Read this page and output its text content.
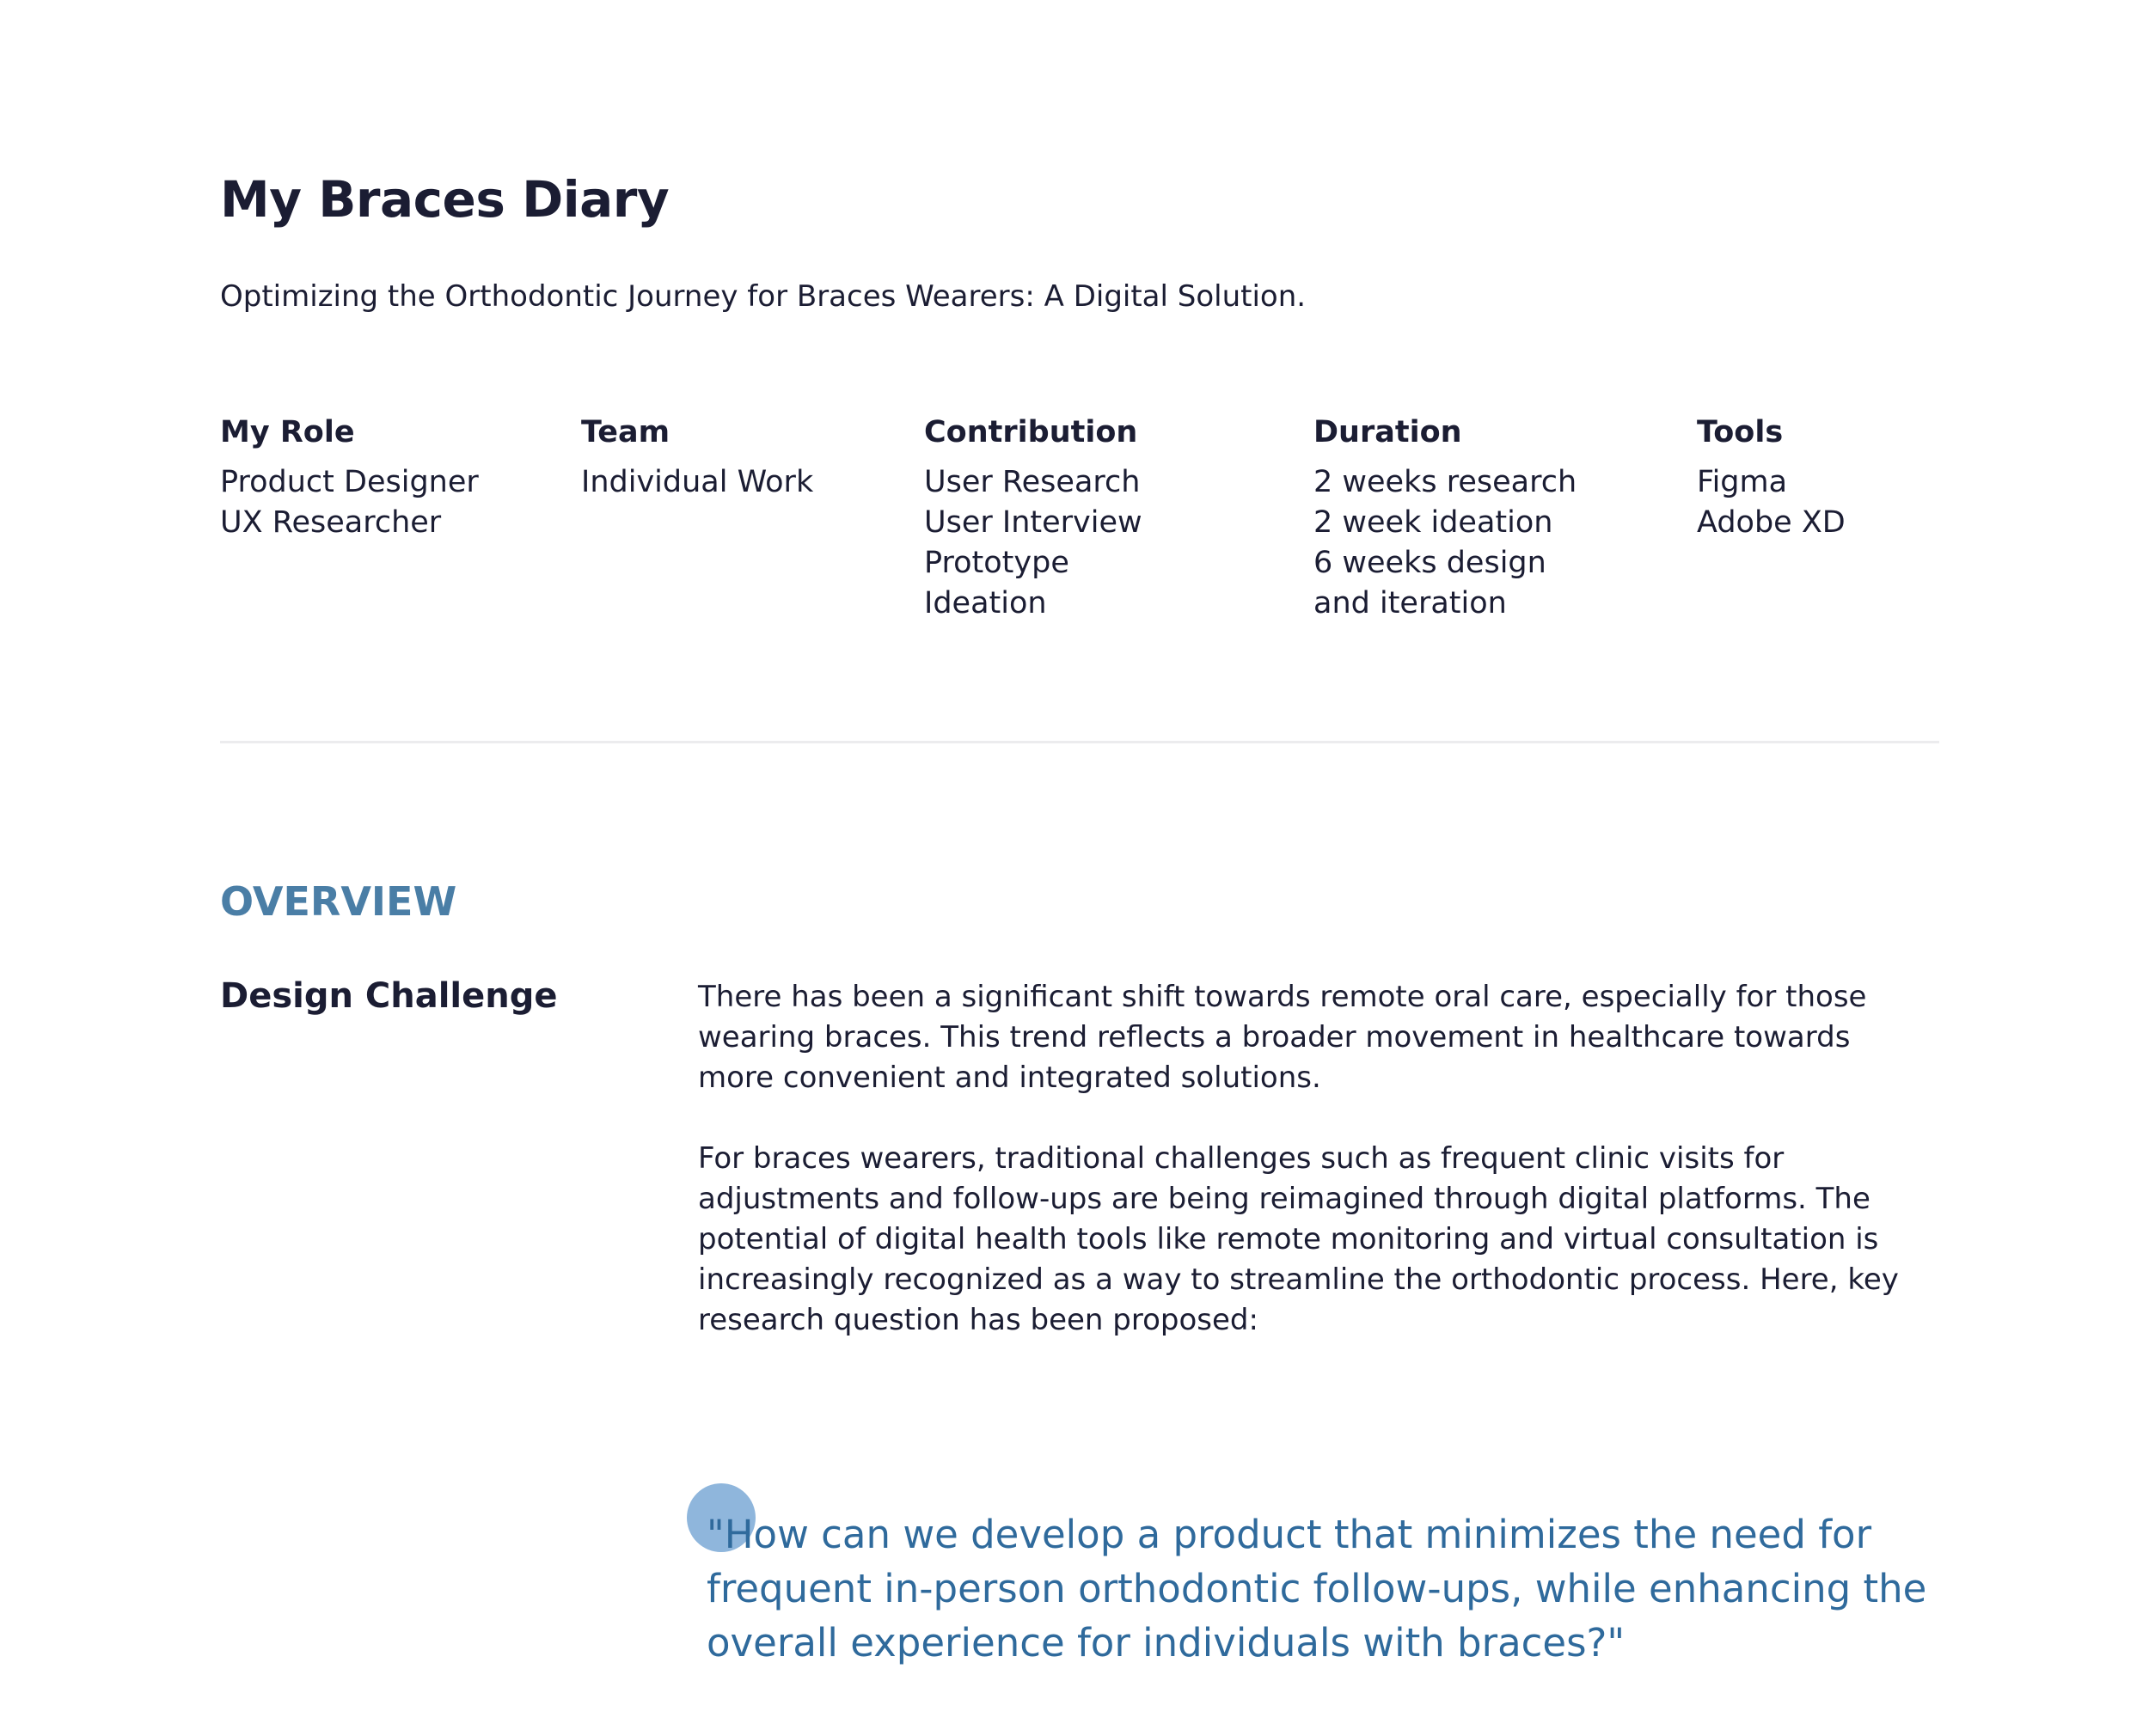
My Braces Diary

Optimizing the Orthodontic Journey for Braces Wearers: A Digital Solution.

My Role
Product Designer
UX Researcher
Team
Individual Work
Contribution
User Research
User Interview
Prototype
Ideation
Duration
2 weeks research
2 week ideation
6 weeks design
and iteration
Tools
Figma
Adobe XD
OVERVIEW
Design Challenge	There has been a significant shift towards remote oral care, especially for those wearing braces. This trend reflects a broader movement in healthcare towards more convenient and integrated solutions.

For braces wearers, traditional challenges such as frequent clinic visits for adjustments and follow-ups are being reimagined through digital platforms. The potential of digital health tools like remote monitoring and virtual consultation is increasingly recognized as a way to streamline the orthodontic process. Here, key research question has been proposed:

"How can we develop a product that minimizes the need for frequent in-person orthodontic follow-ups, while enhancing the overall experience for individuals with braces?"
